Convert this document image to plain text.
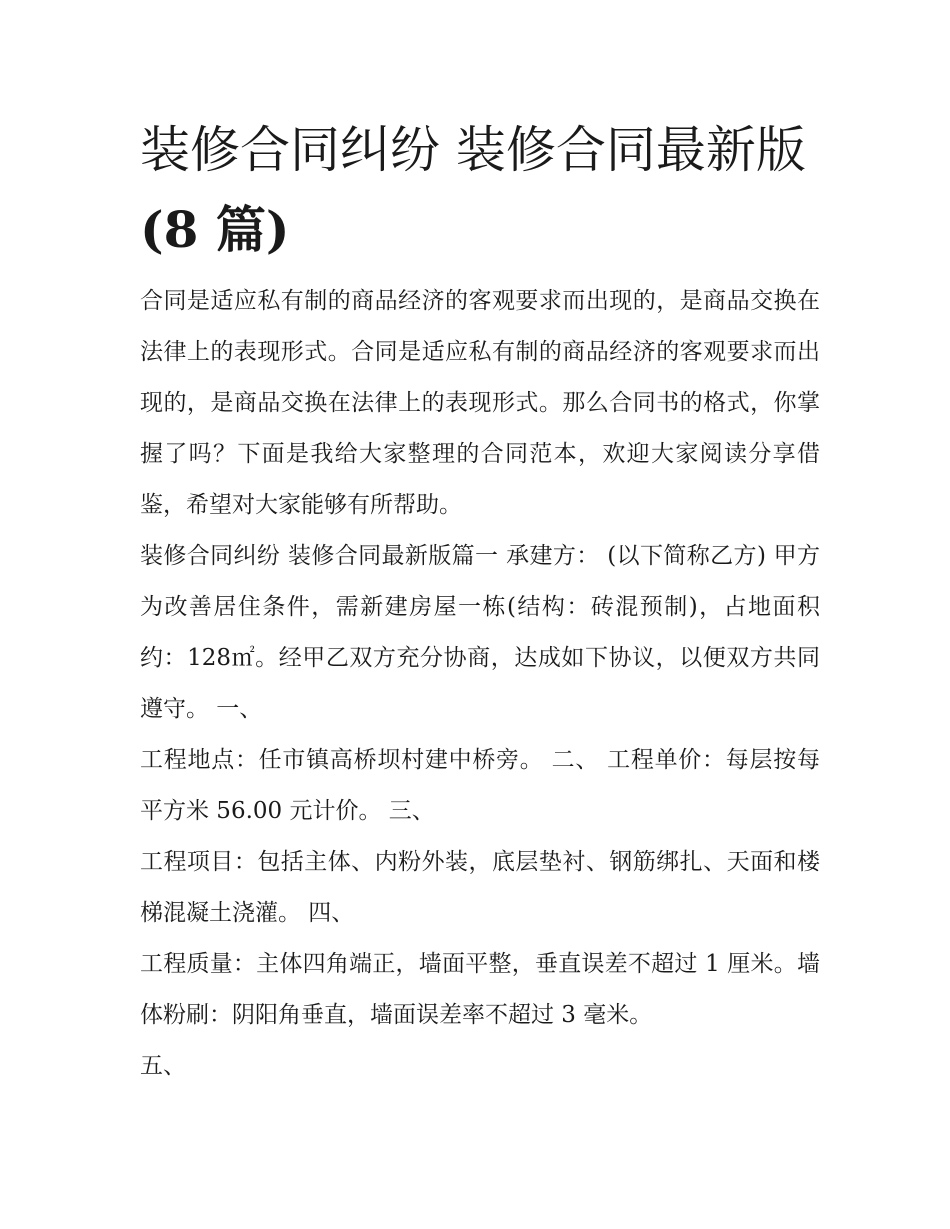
装修合同纠纷 装修合同最新版
(8 篇)

合同是适应私有制的商品经济的客观要求而出现的，是商品交换在法律上的表现形式。合同是适应私有制的商品经济的客观要求而出现的，是商品交换在法律上的表现形式。那么合同书的格式，你掌握了吗？下面是我给大家整理的合同范本，欢迎大家阅读分享借鉴，希望对大家能够有所帮助。

装修合同纠纷 装修合同最新版篇一 承建方： (以下简称乙方) 甲方为改善居住条件，需新建房屋一栋(结构：砖混预制)，占地面积约：128㎡。经甲乙双方充分协商，达成如下协议，以便双方共同遵守。 一、

工程地点：任市镇高桥坝村建中桥旁。 二、 工程单价：每层按每平方米 56.00 元计价。 三、

工程项目：包括主体、内粉外装，底层垫衬、钢筋绑扎、天面和楼梯混凝土浇灌。 四、

工程质量：主体四角端正，墙面平整，垂直误差不超过 1 厘米。墙体粉刷：阴阳角垂直，墙面误差率不超过 3 毫米。

五、
